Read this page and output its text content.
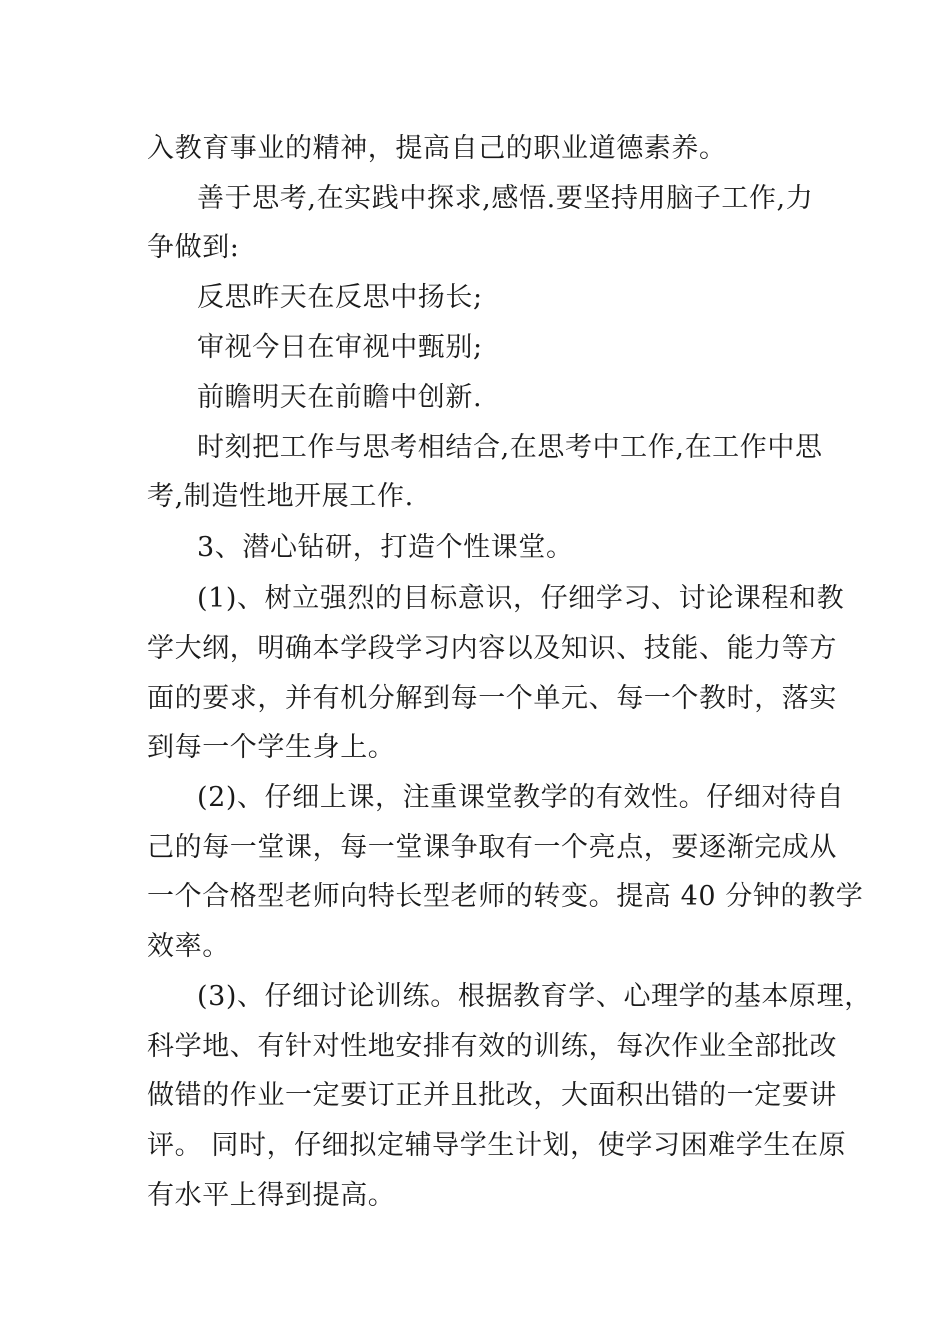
入教育事业的精神，提高自己的职业道德素养。
善于思考,在实践中探求,感悟.要坚持用脑子工作,力
争做到:
反思昨天在反思中扬长;
审视今日在审视中甄别;
前瞻明天在前瞻中创新.
时刻把工作与思考相结合,在思考中工作,在工作中思
考,制造性地开展工作.
3、潜心钻研，打造个性课堂。
(1)、树立强烈的目标意识，仔细学习、讨论课程和教
学大纲，明确本学段学习内容以及知识、技能、能力等方
面的要求，并有机分解到每一个单元、每一个教时，落实
到每一个学生身上。
(2)、仔细上课，注重课堂教学的有效性。仔细对待自
己的每一堂课，每一堂课争取有一个亮点，要逐渐完成从
一个合格型老师向特长型老师的转变。提高 40 分钟的教学
效率。
(3)、仔细讨论训练。根据教育学、心理学的基本原理，
科学地、有针对性地安排有效的训练，每次作业全部批改
做错的作业一定要订正并且批改，大面积出错的一定要讲
评。 同时，仔细拟定辅导学生计划，使学习困难学生在原
有水平上得到提高。
